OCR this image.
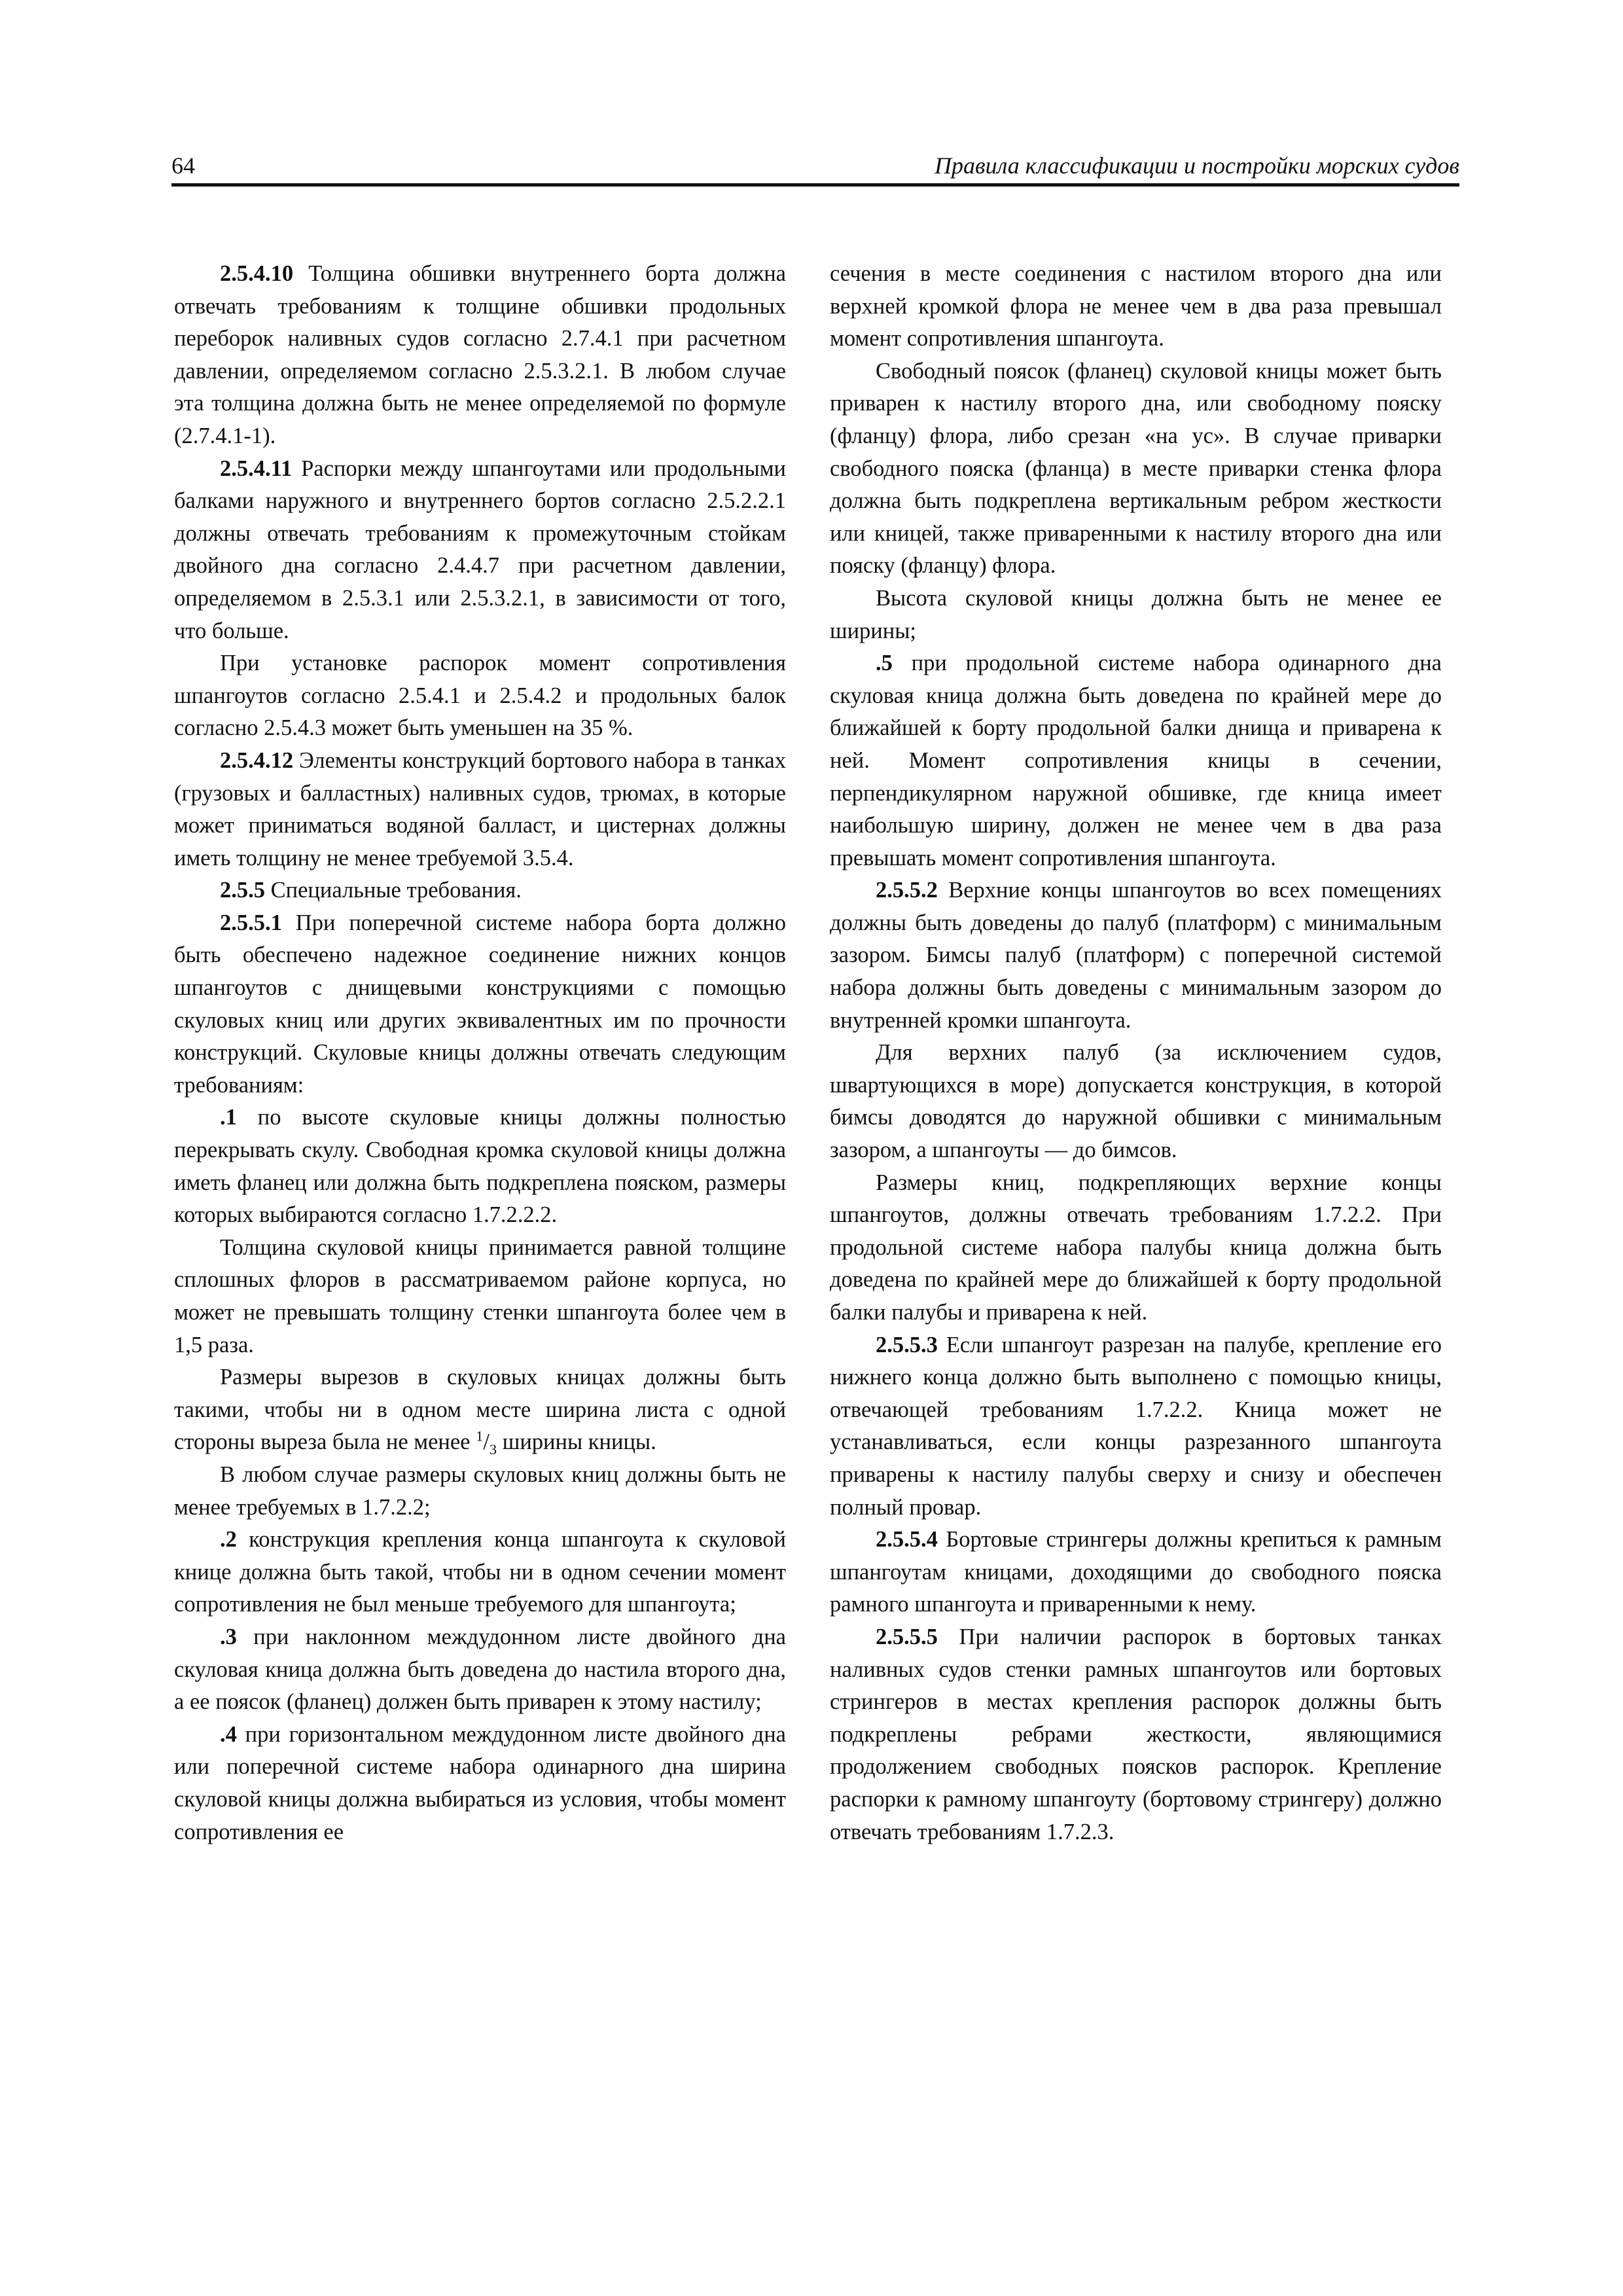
64	Правила классификации и постройки морских судов

2.5.4.10 Толщина обшивки внутреннего борта должна отвечать требованиям к толщине обшивки продольных переборок наливных судов согласно 2.7.4.1 при расчетном давлении, определяемом согласно 2.5.3.2.1. В любом случае эта толщина должна быть не менее определяемой по формуле (2.7.4.1-1).

2.5.4.11 Распорки между шпангоутами или продольными балками наружного и внутреннего бортов согласно 2.5.2.2.1 должны отвечать требованиям к промежуточным стойкам двойного дна согласно 2.4.4.7 при расчетном давлении, определяемом в 2.5.3.1 или 2.5.3.2.1, в зависимости от того, что больше.

При установке распорок момент сопротивления шпангоутов согласно 2.5.4.1 и 2.5.4.2 и продольных балок согласно 2.5.4.3 может быть уменьшен на 35 %.

2.5.4.12 Элементы конструкций бортового набора в танках (грузовых и балластных) наливных судов, трюмах, в которые может приниматься водяной балласт, и цистернах должны иметь толщину не менее требуемой 3.5.4.

2.5.5 Специальные требования.

2.5.5.1 При поперечной системе набора борта должно быть обеспечено надежное соединение нижних концов шпангоутов с днищевыми конструкциями с помощью скуловых книц или других эквивалентных им по прочности конструкций. Скуловые кницы должны отвечать следующим требованиям:

.1 по высоте скуловые кницы должны полностью перекрывать скулу. Свободная кромка скуловой кницы должна иметь фланец или должна быть подкреплена пояском, размеры которых выбираются согласно 1.7.2.2.2.

Толщина скуловой кницы принимается равной толщине сплошных флоров в рассматриваемом районе корпуса, но может не превышать толщину стенки шпангоута более чем в 1,5 раза.

Размеры вырезов в скуловых кницах должны быть такими, чтобы ни в одном месте ширина листа с одной стороны выреза была не менее $^1/_3$ ширины кницы.

В любом случае размеры скуловых книц должны быть не менее требуемых в 1.7.2.2;

.2 конструкция крепления конца шпангоута к скуловой книце должна быть такой, чтобы ни в одном сечении момент сопротивления не был меньше требуемого для шпангоута;

.3 при наклонном междудонном листе двойного дна скуловая кница должна быть доведена до настила второго дна, а ее поясок (фланец) должен быть приварен к этому настилу;

.4 при горизонтальном междудонном листе двойного дна или поперечной системе набора одинарного дна ширина скуловой кницы должна выбираться из условия, чтобы момент сопротивления ее

сечения в месте соединения с настилом второго дна или верхней кромкой флора не менее чем в два раза превышал момент сопротивления шпангоута.

Свободный поясок (фланец) скуловой кницы может быть приварен к настилу второго дна, или свободному пояску (фланцу) флора, либо срезан «на ус». В случае приварки свободного пояска (фланца) в месте приварки стенка флора должна быть подкреплена вертикальным ребром жесткости или кницей, также приваренными к настилу второго дна или пояску (фланцу) флора.

Высота скуловой кницы должна быть не менее ее ширины;

.5 при продольной системе набора одинарного дна скуловая кница должна быть доведена по крайней мере до ближайшей к борту продольной балки днища и приварена к ней. Момент сопротивления кницы в сечении, перпендикулярном наружной обшивке, где кница имеет наибольшую ширину, должен не менее чем в два раза превышать момент сопротивления шпангоута.

2.5.5.2 Верхние концы шпангоутов во всех помещениях должны быть доведены до палуб (платформ) с минимальным зазором. Бимсы палуб (платформ) с поперечной системой набора должны быть доведены с минимальным зазором до внутренней кромки шпангоута.

Для верхних палуб (за исключением судов, швартующихся в море) допускается конструкция, в которой бимсы доводятся до наружной обшивки с минимальным зазором, а шпангоуты — до бимсов.

Размеры книц, подкрепляющих верхние концы шпангоутов, должны отвечать требованиям 1.7.2.2. При продольной системе набора палубы кница должна быть доведена по крайней мере до ближайшей к борту продольной балки палубы и приварена к ней.

2.5.5.3 Если шпангоут разрезан на палубе, крепление его нижнего конца должно быть выполнено с помощью кницы, отвечающей требованиям 1.7.2.2. Кница может не устанавливаться, если концы разрезанного шпангоута приварены к настилу палубы сверху и снизу и обеспечен полный провар.

2.5.5.4 Бортовые стрингеры должны крепиться к рамным шпангоутам кницами, доходящими до свободного пояска рамного шпангоута и приваренными к нему.

2.5.5.5 При наличии распорок в бортовых танках наливных судов стенки рамных шпангоутов или бортовых стрингеров в местах крепления распорок должны быть подкреплены ребрами жесткости, являющимися продолжением свободных поясков распорок. Крепление распорки к рамному шпангоуту (бортовому стрингеру) должно отвечать требованиям 1.7.2.3.
